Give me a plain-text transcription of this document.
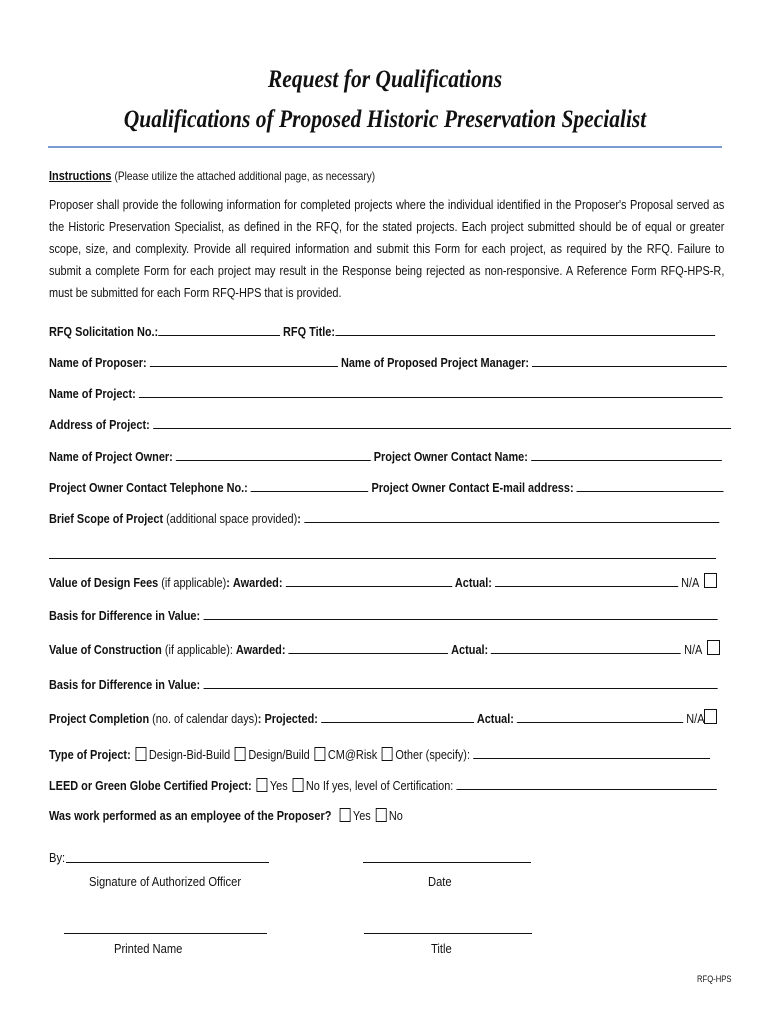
Request for Qualifications
Qualifications of Proposed Historic Preservation Specialist
Instructions (Please utilize the attached additional page, as necessary)
Proposer shall provide the following information for completed projects where the individual identified in the Proposer's Proposal served as the Historic Preservation Specialist, as defined in the RFQ, for the stated projects. Each project submitted should be of equal or greater scope, size, and complexity. Provide all required information and submit this Form for each project, as required by the RFQ. Failure to submit a complete Form for each project may result in the Response being rejected as non-responsive. A Reference Form RFQ-HPS-R, must be submitted for each Form RFQ-HPS that is provided.
RFQ Solicitation No.:	RFQ Title:
Name of Proposer:	Name of Proposed Project Manager:
Name of Project:
Address of Project:
Name of Project Owner:	Project Owner Contact Name:
Project Owner Contact Telephone No.:	Project Owner Contact E-mail address:
Brief Scope of Project (additional space provided):
Value of Design Fees (if applicable): Awarded:	Actual:	N/A
Basis for Difference in Value:
Value of Construction (if applicable): Awarded:	Actual:	N/A
Basis for Difference in Value:
Project Completion (no. of calendar days): Projected:	Actual:	N/A
Type of Project: Design-Bid-Build Design/Build CM@Risk Other (specify):
LEED or Green Globe Certified Project: Yes No If yes, level of Certification:
Was work performed as an employee of the Proposer? Yes No
By:
Signature of Authorized Officer	Date
Printed Name	Title
RFQ-HPS
